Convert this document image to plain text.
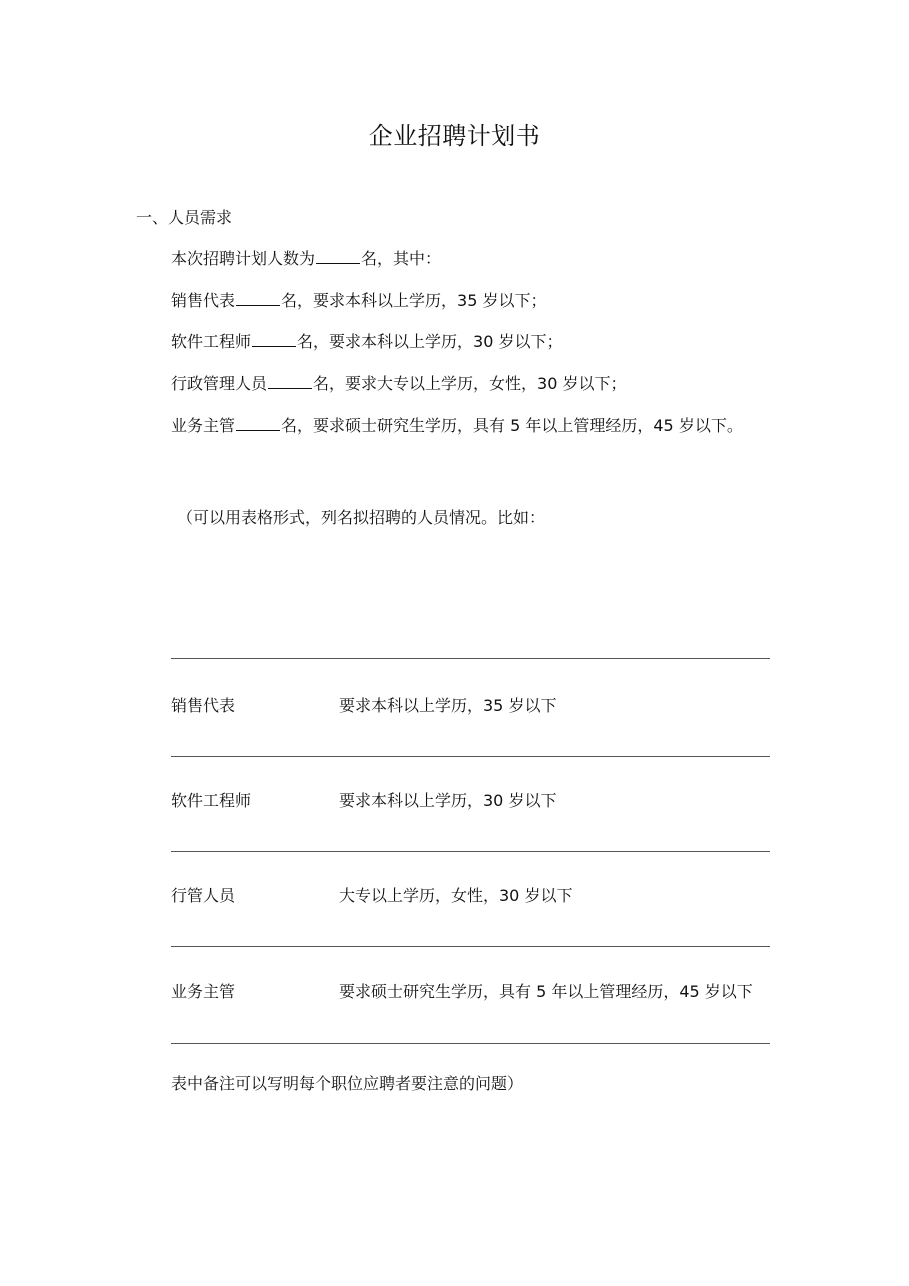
企业招聘计划书
一、人员需求
本次招聘计划人数为	名，其中：
销售代表	名，要求本科以上学历，35 岁以下；
软件工程师	名，要求本科以上学历，30 岁以下；
行政管理人员	名，要求大专以上学历，女性，30 岁以下；
业务主管	名，要求硕士研究生学历，具有 5 年以上管理经历，45 岁以下。
（可以用表格形式，列名拟招聘的人员情况。比如：
销售代表	要求本科以上学历，35 岁以下
软件工程师	要求本科以上学历，30 岁以下
行管人员	大专以上学历，女性，30 岁以下
业务主管	要求硕士研究生学历，具有 5 年以上管理经历，45 岁以下
表中备注可以写明每个职位应聘者要注意的问题）
